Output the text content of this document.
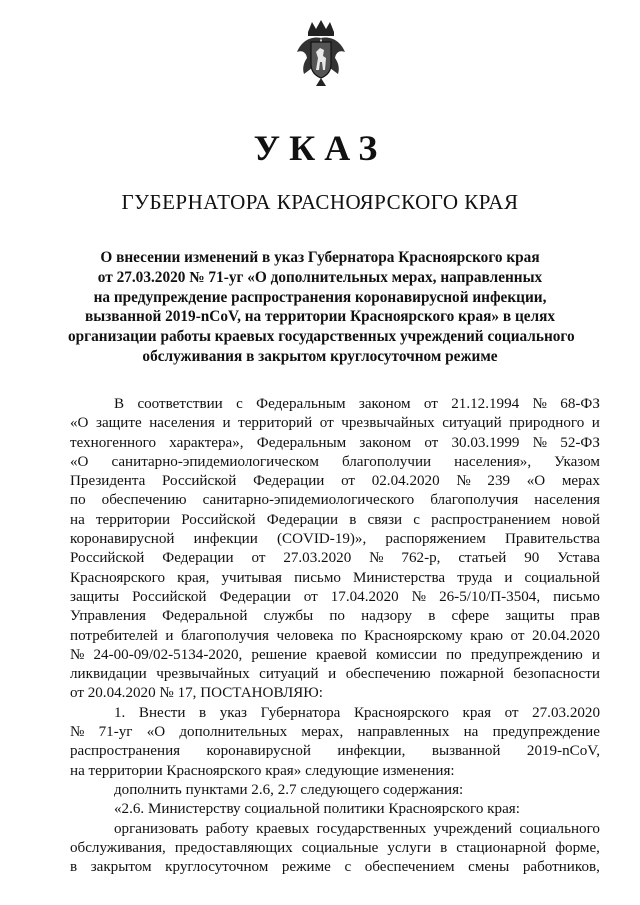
УКАЗ
ГУБЕРНАТОРА КРАСНОЯРСКОГО КРАЯ
О внесении изменений в указ Губернатора Красноярского края
от 27.03.2020 № 71-уг «О дополнительных мерах, направленных
на предупреждение распространения коронавирусной инфекции,
вызванной 2019-nCoV, на территории Красноярского края» в целях
организации работы краевых государственных учреждений социального
обслуживания в закрытом круглосуточном режиме
В соответствии с Федеральным законом от 21.12.1994 № 68-ФЗ
«О защите населения и территорий от чрезвычайных ситуаций природного и
техногенного характера», Федеральным законом от 30.03.1999 № 52-ФЗ
«О санитарно-эпидемиологическом благополучии населения», Указом
Президента Российской Федерации от 02.04.2020 № 239 «О мерах
по обеспечению санитарно-эпидемиологического благополучия населения
на территории Российской Федерации в связи с распространением новой
коронавирусной инфекции (COVID-19)», распоряжением Правительства
Российской Федерации от 27.03.2020 № 762-р, статьей 90 Устава
Красноярского края, учитывая письмо Министерства труда и социальной
защиты Российской Федерации от 17.04.2020 № 26-5/10/П-3504, письмо
Управления Федеральной службы по надзору в сфере защиты прав
потребителей и благополучия человека по Красноярскому краю от 20.04.2020
№ 24-00-09/02-5134-2020, решение краевой комиссии по предупреждению и
ликвидации чрезвычайных ситуаций и обеспечению пожарной безопасности
от 20.04.2020 № 17, ПОСТАНОВЛЯЮ:
1. Внести в указ Губернатора Красноярского края от 27.03.2020
№ 71-уг «О дополнительных мерах, направленных на предупреждение
распространения коронавирусной инфекции, вызванной 2019-nCoV,
на территории Красноярского края» следующие изменения:
дополнить пунктами 2.6, 2.7 следующего содержания:
«2.6. Министерству социальной политики Красноярского края:
организовать работу краевых государственных учреждений социального
обслуживания, предоставляющих социальные услуги в стационарной форме,
в закрытом круглосуточном режиме с обеспечением смены работников,
